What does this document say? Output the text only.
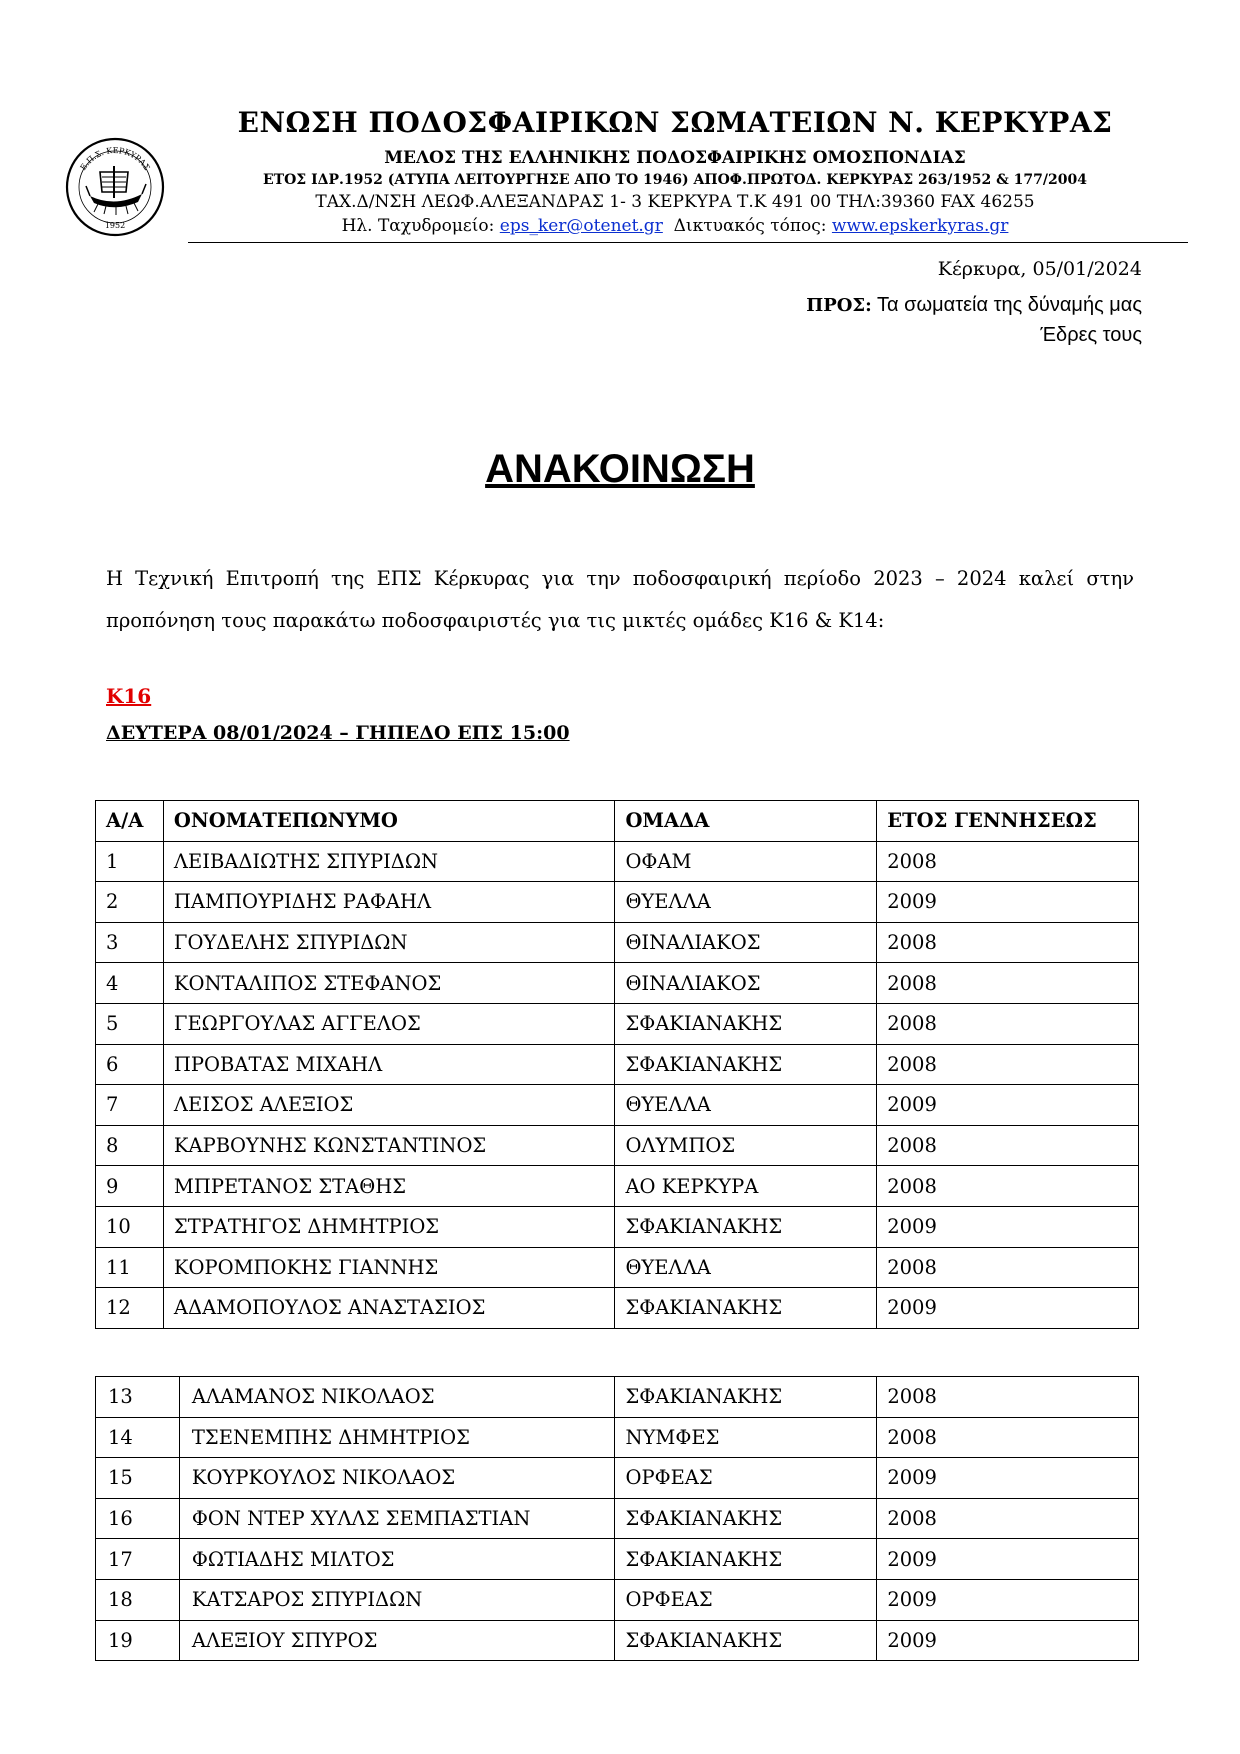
Ε.Π.Σ. ΚΕΡΚΥΡΑΣ
1952
ΕΝΩΣΗ ΠΟΔΟΣΦΑΙΡΙΚΩΝ ΣΩΜΑΤΕΙΩΝ Ν. ΚΕΡΚΥΡΑΣ
ΜΕΛΟΣ ΤΗΣ ΕΛΛΗΝΙΚΗΣ ΠΟΔΟΣΦΑΙΡΙΚΗΣ ΟΜΟΣΠΟΝΔΙΑΣ
ΕΤΟΣ ΙΔΡ.1952 (ΑΤΥΠΑ ΛΕΙΤΟΥΡΓΗΣΕ ΑΠΟ ΤΟ 1946) ΑΠΟΦ.ΠΡΩΤΟΔ. ΚΕΡΚΥΡΑΣ 263/1952 & 177/2004
ΤΑΧ.Δ/ΝΣΗ ΛΕΩΦ.ΑΛΕΞΑΝΔΡΑΣ 1- 3 ΚΕΡΚΥΡΑ Τ.Κ 491 00 ΤΗΛ:39360 FAX 46255
Ηλ. Ταχυδρομείο: eps_ker@otenet.gr Δικτυακός τόπος: www.epskerkyras.gr
Κέρκυρα, 05/01/2024
ΠΡΟΣ: Τα σωματεία της δύναμής μας
Έδρες τους
ΑΝΑΚΟΙΝΩΣΗ
Η Τεχνική Επιτροπή της ΕΠΣ Κέρκυρας για την ποδοσφαιρική περίοδο 2023 – 2024 καλεί στην προπόνηση τους παρακάτω ποδοσφαιριστές για τις μικτές ομάδες Κ16 & Κ14:
Κ16
ΔΕΥΤΕΡΑ 08/01/2024 – ΓΗΠΕΔΟ ΕΠΣ 15:00
Α/Α	ΟΝΟΜΑΤΕΠΩΝΥΜΟ	ΟΜΑΔΑ	ΕΤΟΣ ΓΕΝΝΗΣΕΩΣ
1	ΛΕΙΒΑΔΙΩΤΗΣ ΣΠΥΡΙΔΩΝ	ΟΦΑΜ	2008
2	ΠΑΜΠΟΥΡΙΔΗΣ ΡΑΦΑΗΛ	ΘΥΕΛΛΑ	2009
3	ΓΟΥΔΕΛΗΣ ΣΠΥΡΙΔΩΝ	ΘΙΝΑΛΙΑΚΟΣ	2008
4	ΚΟΝΤΑΛΙΠΟΣ ΣΤΕΦΑΝΟΣ	ΘΙΝΑΛΙΑΚΟΣ	2008
5	ΓΕΩΡΓΟΥΛΑΣ ΑΓΓΕΛΟΣ	ΣΦΑΚΙΑΝΑΚΗΣ	2008
6	ΠΡΟΒΑΤΑΣ ΜΙΧΑΗΛ	ΣΦΑΚΙΑΝΑΚΗΣ	2008
7	ΛΕΙΣΟΣ ΑΛΕΞΙΟΣ	ΘΥΕΛΛΑ	2009
8	ΚΑΡΒΟΥΝΗΣ ΚΩΝΣΤΑΝΤΙΝΟΣ	ΟΛΥΜΠΟΣ	2008
9	ΜΠΡΕΤΑΝΟΣ ΣΤΑΘΗΣ	ΑΟ ΚΕΡΚΥΡΑ	2008
10	ΣΤΡΑΤΗΓΟΣ ΔΗΜΗΤΡΙΟΣ	ΣΦΑΚΙΑΝΑΚΗΣ	2009
11	ΚΟΡΟΜΠΟΚΗΣ ΓΙΑΝΝΗΣ	ΘΥΕΛΛΑ	2008
12	ΑΔΑΜΟΠΟΥΛΟΣ ΑΝΑΣΤΑΣΙΟΣ	ΣΦΑΚΙΑΝΑΚΗΣ	2009
13	ΑΛΑΜΑΝΟΣ ΝΙΚΟΛΑΟΣ	ΣΦΑΚΙΑΝΑΚΗΣ	2008
14	ΤΣΕΝΕΜΠΗΣ ΔΗΜΗΤΡΙΟΣ	ΝΥΜΦΕΣ	2008
15	ΚΟΥΡΚΟΥΛΟΣ ΝΙΚΟΛΑΟΣ	ΟΡΦΕΑΣ	2009
16	ΦΟΝ ΝΤΕΡ ΧΥΛΛΣ ΣΕΜΠΑΣΤΙΑΝ	ΣΦΑΚΙΑΝΑΚΗΣ	2008
17	ΦΩΤΙΑΔΗΣ ΜΙΛΤΟΣ	ΣΦΑΚΙΑΝΑΚΗΣ	2009
18	ΚΑΤΣΑΡΟΣ ΣΠΥΡΙΔΩΝ	ΟΡΦΕΑΣ	2009
19	ΑΛΕΞΙΟΥ ΣΠΥΡΟΣ	ΣΦΑΚΙΑΝΑΚΗΣ	2009
